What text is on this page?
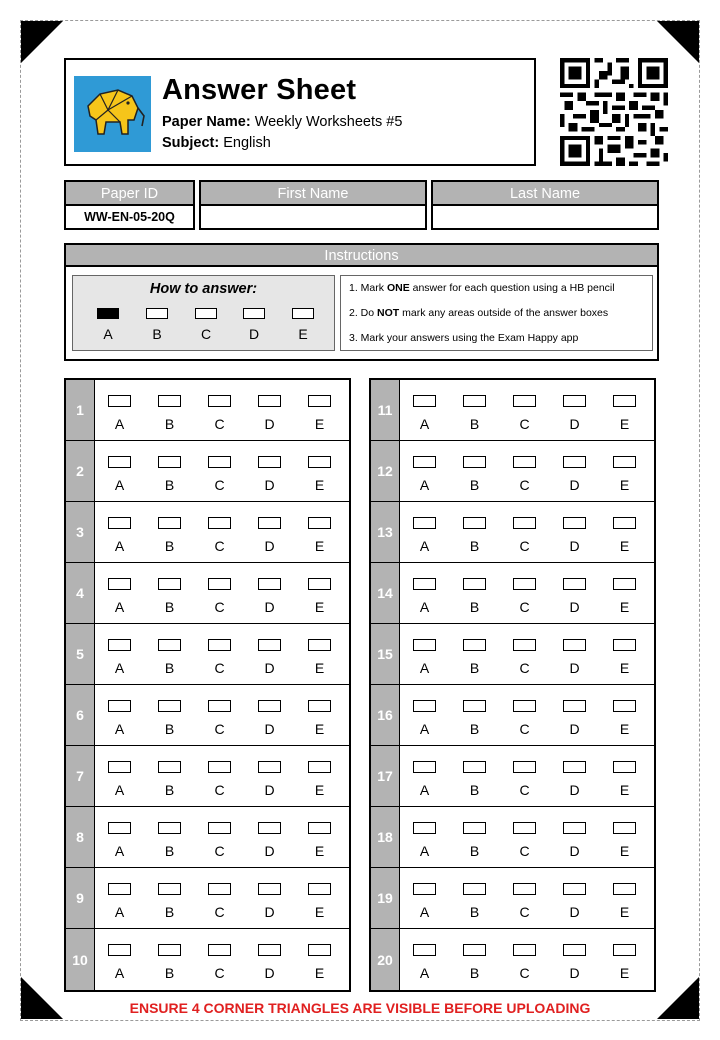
Answer Sheet
Paper Name: Weekly Worksheets #5
Subject: English
Paper ID
WW-EN-05-20Q
First Name	Last Name
Instructions
How to answer:
A	B	C	D	E
1. Mark ONE answer for each question using a HB pencil
2. Do NOT mark any areas outside of the answer boxes
3. Mark your answers using the Exam Happy app
1
A	B	C	D	E
2
A	B	C	D	E
3
A	B	C	D	E
4
A	B	C	D	E
5
A	B	C	D	E
6
A	B	C	D	E
7
A	B	C	D	E
8
A	B	C	D	E
9
A	B	C	D	E
10
A	B	C	D	E
11
A	B	C	D	E
12
A	B	C	D	E
13
A	B	C	D	E
14
A	B	C	D	E
15
A	B	C	D	E
16
A	B	C	D	E
17
A	B	C	D	E
18
A	B	C	D	E
19
A	B	C	D	E
20
A	B	C	D	E
ENSURE 4 CORNER TRIANGLES ARE VISIBLE BEFORE UPLOADING
